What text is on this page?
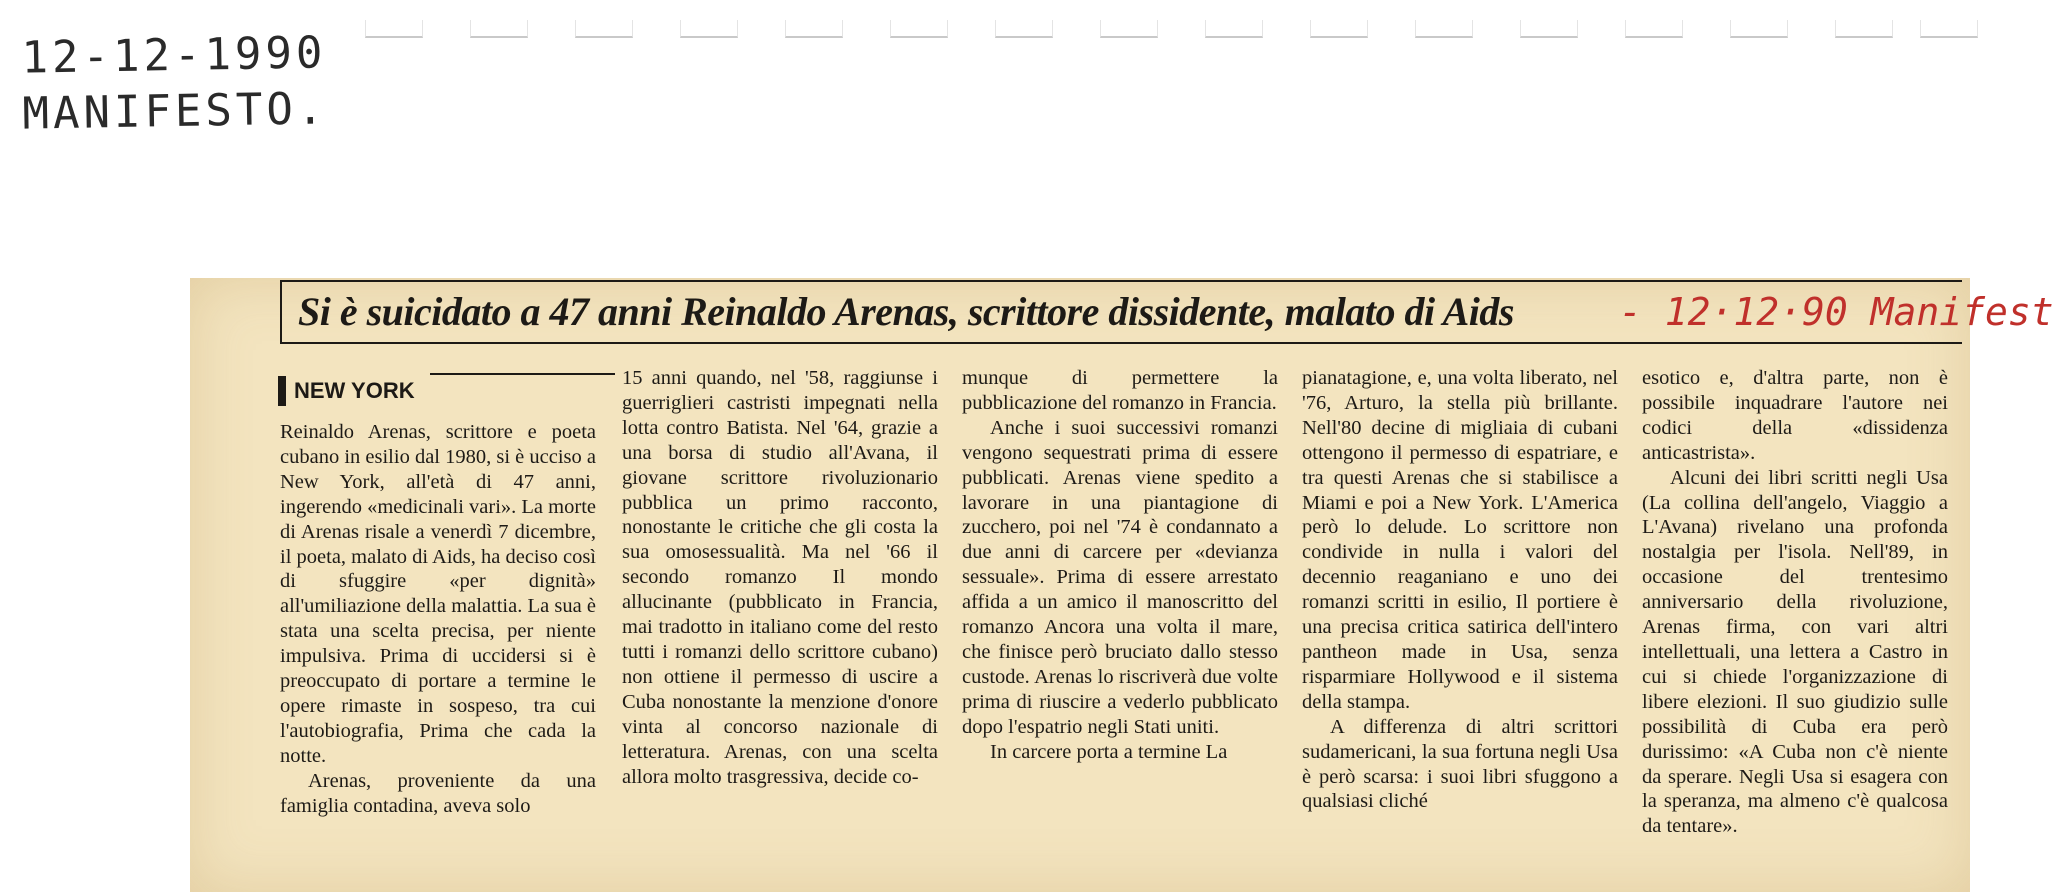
12-12-1990
MANIFESTO.
Si è suicidato a 47 anni Reinaldo Arenas, scrittore dissidente, malato di Aids	- 12·12·90 Manifest
NEW YORK

Reinaldo Arenas, scrittore e poeta cubano in esilio dal 1980, si è ucciso a New York, all'età di 47 anni, ingerendo «medicinali vari». La morte di Arenas risale a venerdì 7 dicembre, il poeta, malato di Aids, ha deciso così di sfuggire «per dignità» all'umiliazione della malattia. La sua è stata una scelta precisa, per niente impulsiva. Prima di uccidersi si è preoccupato di portare a termine le opere rimaste in sospeso, tra cui l'autobiografia, Prima che cada la notte.

Arenas, proveniente da una famiglia contadina, aveva solo

15 anni quando, nel '58, raggiunse i guerriglieri castristi impegnati nella lotta contro Batista. Nel '64, grazie a una borsa di studio all'Avana, il giovane scrittore rivoluzionario pubblica un primo racconto, nonostante le critiche che gli costa la sua omosessualità. Ma nel '66 il secondo romanzo Il mondo allucinante (pubblicato in Francia, mai tradotto in italiano come del resto tutti i romanzi dello scrittore cubano) non ottiene il permesso di uscire a Cuba nonostante la menzione d'onore vinta al concorso nazionale di letteratura. Arenas, con una scelta allora molto trasgressiva, decide co-

munque di permettere la pubblicazione del romanzo in Francia.

Anche i suoi successivi romanzi vengono sequestrati prima di essere pubblicati. Arenas viene spedito a lavorare in una piantagione di zucchero, poi nel '74 è condannato a due anni di carcere per «devianza sessuale». Prima di essere arrestato affida a un amico il manoscritto del romanzo Ancora una volta il mare, che finisce però bruciato dallo stesso custode. Arenas lo riscriverà due volte prima di riuscire a vederlo pubblicato dopo l'espatrio negli Stati uniti.

In carcere porta a termine La

pianatagione, e, una volta liberato, nel '76, Arturo, la stella più brillante. Nell'80 decine di migliaia di cubani ottengono il permesso di espatriare, e tra questi Arenas che si stabilisce a Miami e poi a New York. L'America però lo delude. Lo scrittore non condivide in nulla i valori del decennio reaganiano e uno dei romanzi scritti in esilio, Il portiere è una precisa critica satirica dell'intero pantheon made in Usa, senza risparmiare Hollywood e il sistema della stampa.

A differenza di altri scrittori sudamericani, la sua fortuna negli Usa è però scarsa: i suoi libri sfuggono a qualsiasi cliché

esotico e, d'altra parte, non è possibile inquadrare l'autore nei codici della «dissidenza anticastrista».

Alcuni dei libri scritti negli Usa (La collina dell'angelo, Viaggio a L'Avana) rivelano una profonda nostalgia per l'isola. Nell'89, in occasione del trentesimo anniversario della rivoluzione, Arenas firma, con vari altri intellettuali, una lettera a Castro in cui si chiede l'organizzazione di libere elezioni. Il suo giudizio sulle possibilità di Cuba era però durissimo: «A Cuba non c'è niente da sperare. Negli Usa si esagera con la speranza, ma almeno c'è qualcosa da tentare».
